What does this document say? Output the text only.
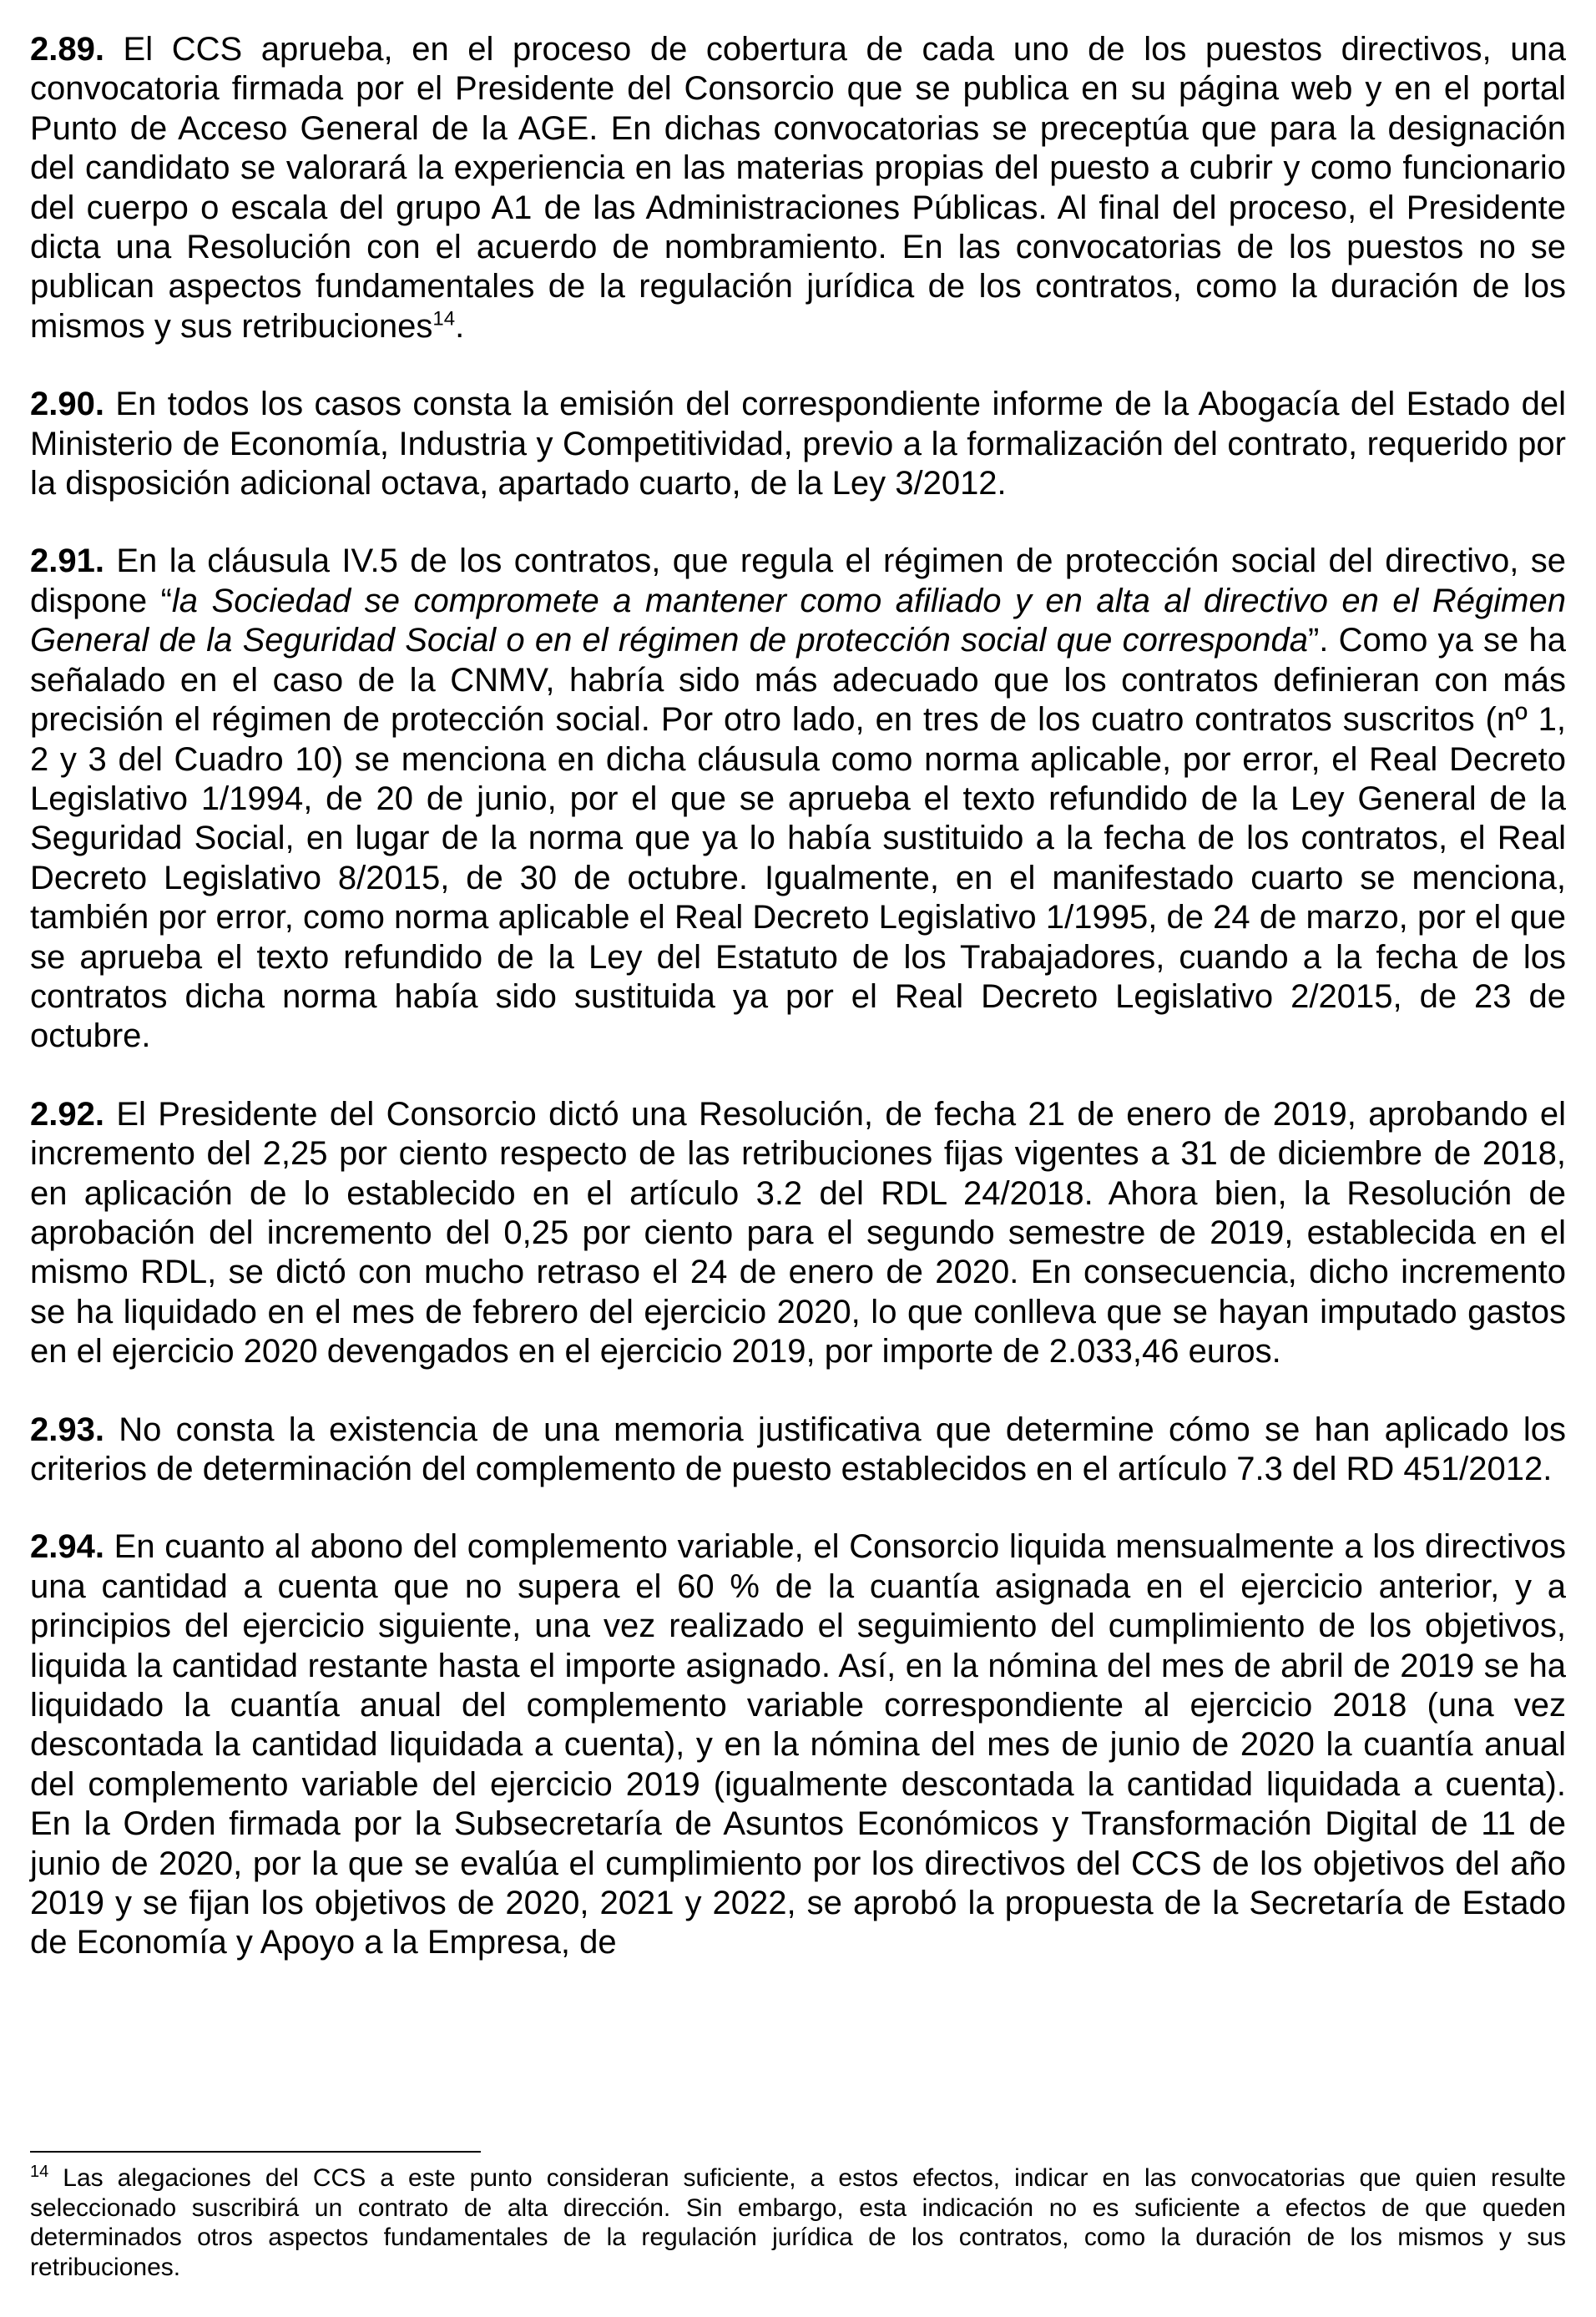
2.89. El CCS aprueba, en el proceso de cobertura de cada uno de los puestos directivos, una convocatoria firmada por el Presidente del Consorcio que se publica en su página web y en el portal Punto de Acceso General de la AGE. En dichas convocatorias se preceptúa que para la designación del candidato se valorará la experiencia en las materias propias del puesto a cubrir y como funcionario del cuerpo o escala del grupo A1 de las Administraciones Públicas. Al final del proceso, el Presidente dicta una Resolución con el acuerdo de nombramiento. En las convocatorias de los puestos no se publican aspectos fundamentales de la regulación jurídica de los contratos, como la duración de los mismos y sus retribuciones$^{14}$.

2.90. En todos los casos consta la emisión del correspondiente informe de la Abogacía del Estado del Ministerio de Economía, Industria y Competitividad, previo a la formalización del contrato, requerido por la disposición adicional octava, apartado cuarto, de la Ley 3/2012.

2.91. En la cláusula IV.5 de los contratos, que regula el régimen de protección social del directivo, se dispone “la Sociedad se compromete a mantener como afiliado y en alta al directivo en el Régimen General de la Seguridad Social o en el régimen de protección social que corresponda”. Como ya se ha señalado en el caso de la CNMV, habría sido más adecuado que los contratos definieran con más precisión el régimen de protección social. Por otro lado, en tres de los cuatro contratos suscritos (nº 1, 2 y 3 del Cuadro 10) se menciona en dicha cláusula como norma aplicable, por error, el Real Decreto Legislativo 1/1994, de 20 de junio, por el que se aprueba el texto refundido de la Ley General de la Seguridad Social, en lugar de la norma que ya lo había sustituido a la fecha de los contratos, el Real Decreto Legislativo 8/2015, de 30 de octubre. Igualmente, en el manifestado cuarto se menciona, también por error, como norma aplicable el Real Decreto Legislativo 1/1995, de 24 de marzo, por el que se aprueba el texto refundido de la Ley del Estatuto de los Trabajadores, cuando a la fecha de los contratos dicha norma había sido sustituida ya por el Real Decreto Legislativo 2/2015, de 23 de octubre.

2.92. El Presidente del Consorcio dictó una Resolución, de fecha 21 de enero de 2019, aprobando el incremento del 2,25 por ciento respecto de las retribuciones fijas vigentes a 31 de diciembre de 2018, en aplicación de lo establecido en el artículo 3.2 del RDL 24/2018. Ahora bien, la Resolución de aprobación del incremento del 0,25 por ciento para el segundo semestre de 2019, establecida en el mismo RDL, se dictó con mucho retraso el 24 de enero de 2020. En consecuencia, dicho incremento se ha liquidado en el mes de febrero del ejercicio 2020, lo que conlleva que se hayan imputado gastos en el ejercicio 2020 devengados en el ejercicio 2019, por importe de 2.033,46 euros.

2.93. No consta la existencia de una memoria justificativa que determine cómo se han aplicado los criterios de determinación del complemento de puesto establecidos en el artículo 7.3 del RD 451/2012.

2.94. En cuanto al abono del complemento variable, el Consorcio liquida mensualmente a los directivos una cantidad a cuenta que no supera el 60 % de la cuantía asignada en el ejercicio anterior, y a principios del ejercicio siguiente, una vez realizado el seguimiento del cumplimiento de los objetivos, liquida la cantidad restante hasta el importe asignado. Así, en la nómina del mes de abril de 2019 se ha liquidado la cuantía anual del complemento variable correspondiente al ejercicio 2018 (una vez descontada la cantidad liquidada a cuenta), y en la nómina del mes de junio de 2020 la cuantía anual del complemento variable del ejercicio 2019 (igualmente descontada la cantidad liquidada a cuenta). En la Orden firmada por la Subsecretaría de Asuntos Económicos y Transformación Digital de 11 de junio de 2020, por la que se evalúa el cumplimiento por los directivos del CCS de los objetivos del año 2019 y se fijan los objetivos de 2020, 2021 y 2022, se aprobó la propuesta de la Secretaría de Estado de Economía y Apoyo a la Empresa, de

$^{14}$ Las alegaciones del CCS a este punto consideran suficiente, a estos efectos, indicar en las convocatorias que quien resulte seleccionado suscribirá un contrato de alta dirección. Sin embargo, esta indicación no es suficiente a efectos de que queden determinados otros aspectos fundamentales de la regulación jurídica de los contratos, como la duración de los mismos y sus retribuciones.
